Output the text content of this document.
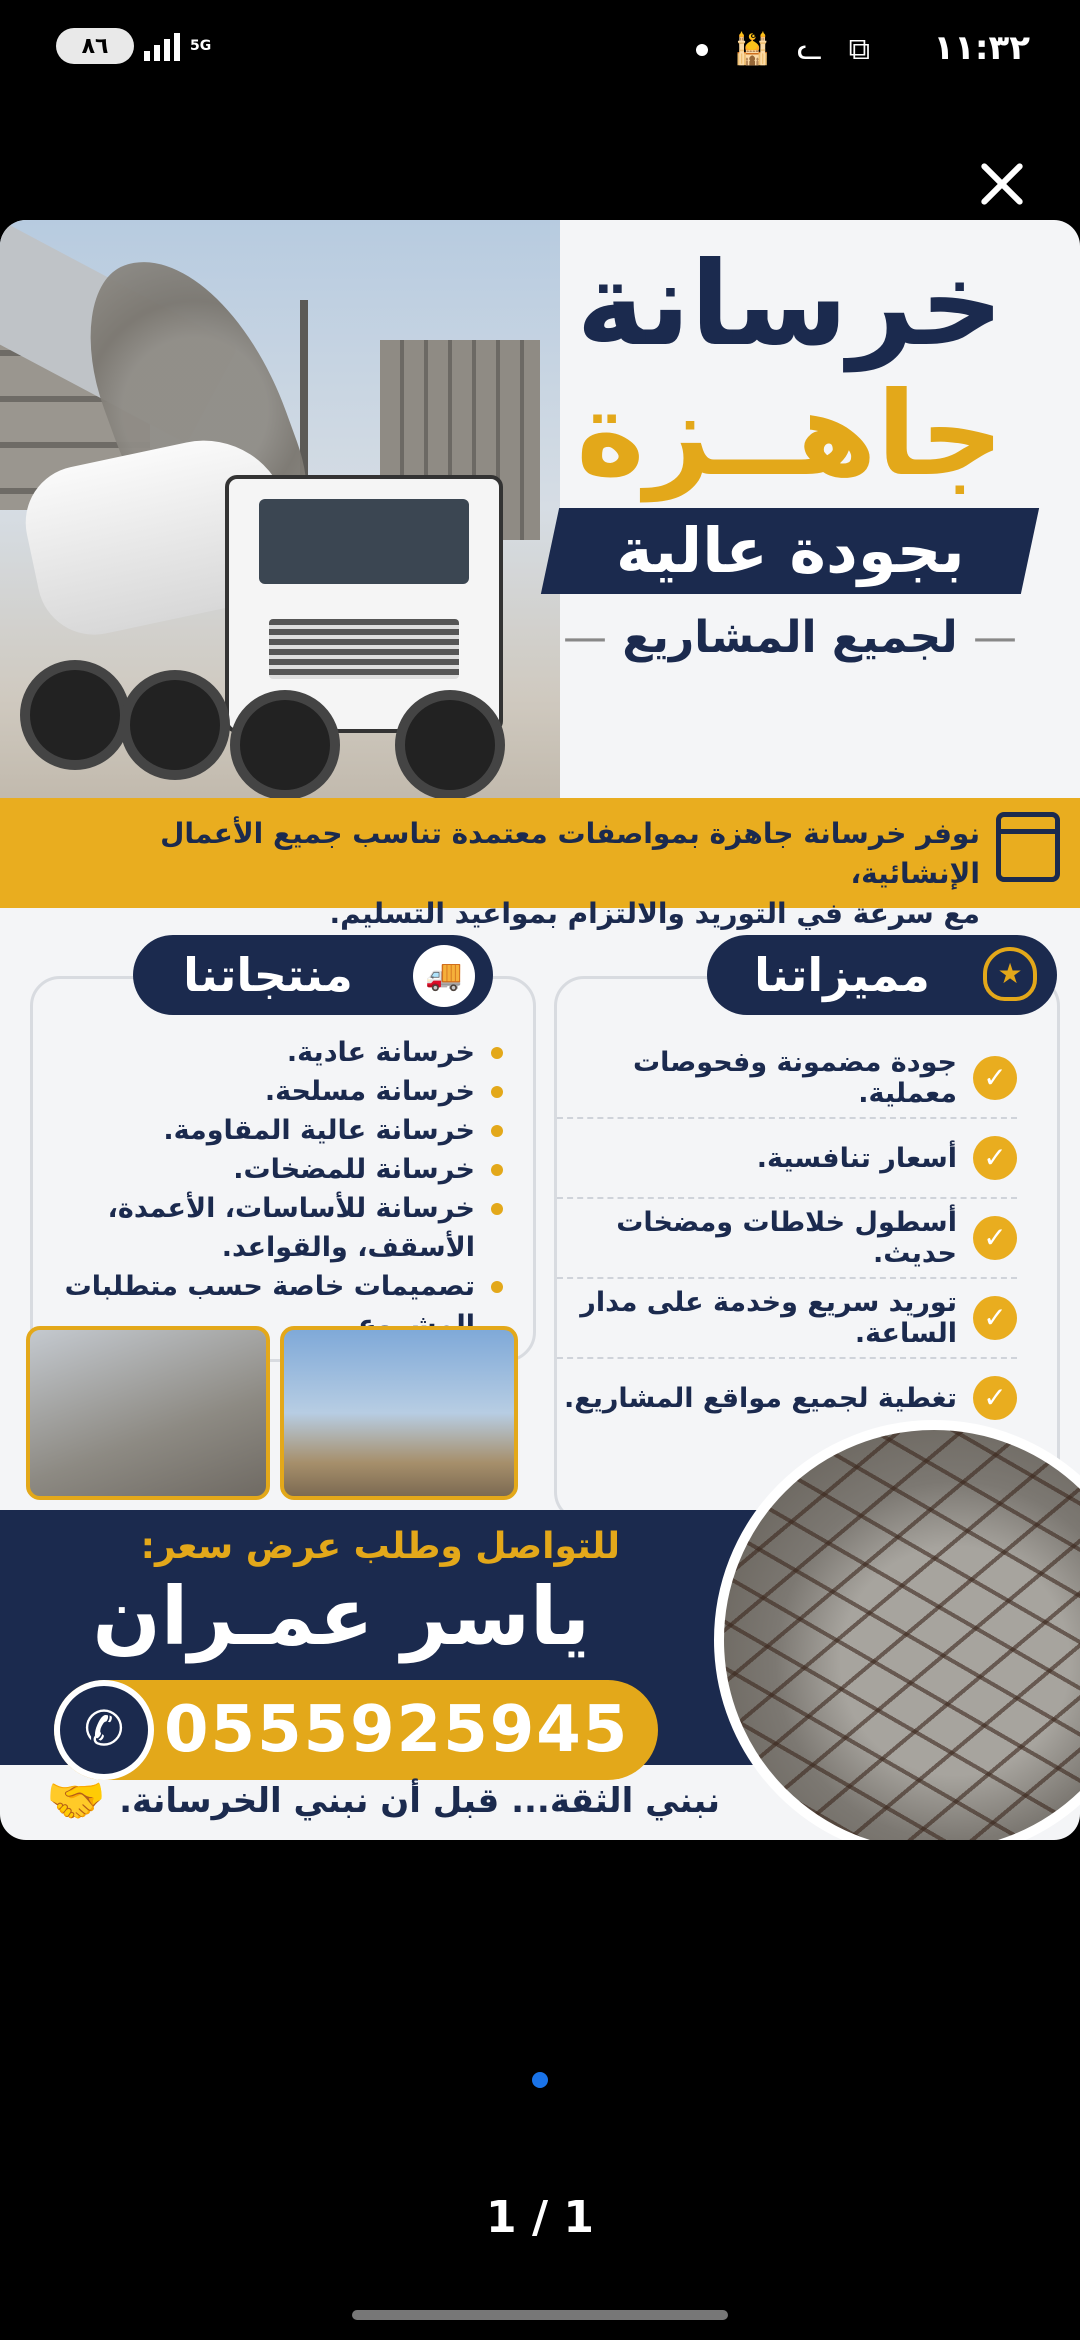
٨٦	5G	🕌 ᓚ ⧉ ١١:٣٢
خرسانة
جاهــزة
بجودة عالية
— لجميع المشاريع —
نوفر خرسانة جاهزة بمواصفات معتمدة تناسب جميع الأعمال الإنشائية،
مع سرعة في التوريد والالتزام بمواعيد التسليم.
★
مميزاتنا
✓
جودة مضمونة وفحوصات معملية.
✓
أسعار تنافسية.
✓
أسطول خلاطات ومضخات حديث.
✓
توريد سريع وخدمة على مدار الساعة.
✓
تغطية لجميع مواقع المشاريع.
🚚
منتجاتنا
خرسانة عادية.
خرسانة مسلحة.
خرسانة عالية المقاومة.
خرسانة للمضخات.
خرسانة للأساسات، الأعمدة، الأسقف، والقواعد.
تصميمات خاصة حسب متطلبات
للتواصل وطلب عرض سعر:
ياسر عمـران
✆ 0555925945
🤝 نبني الثقة... قبل أن نبني الخرسانة.
1 / 1
